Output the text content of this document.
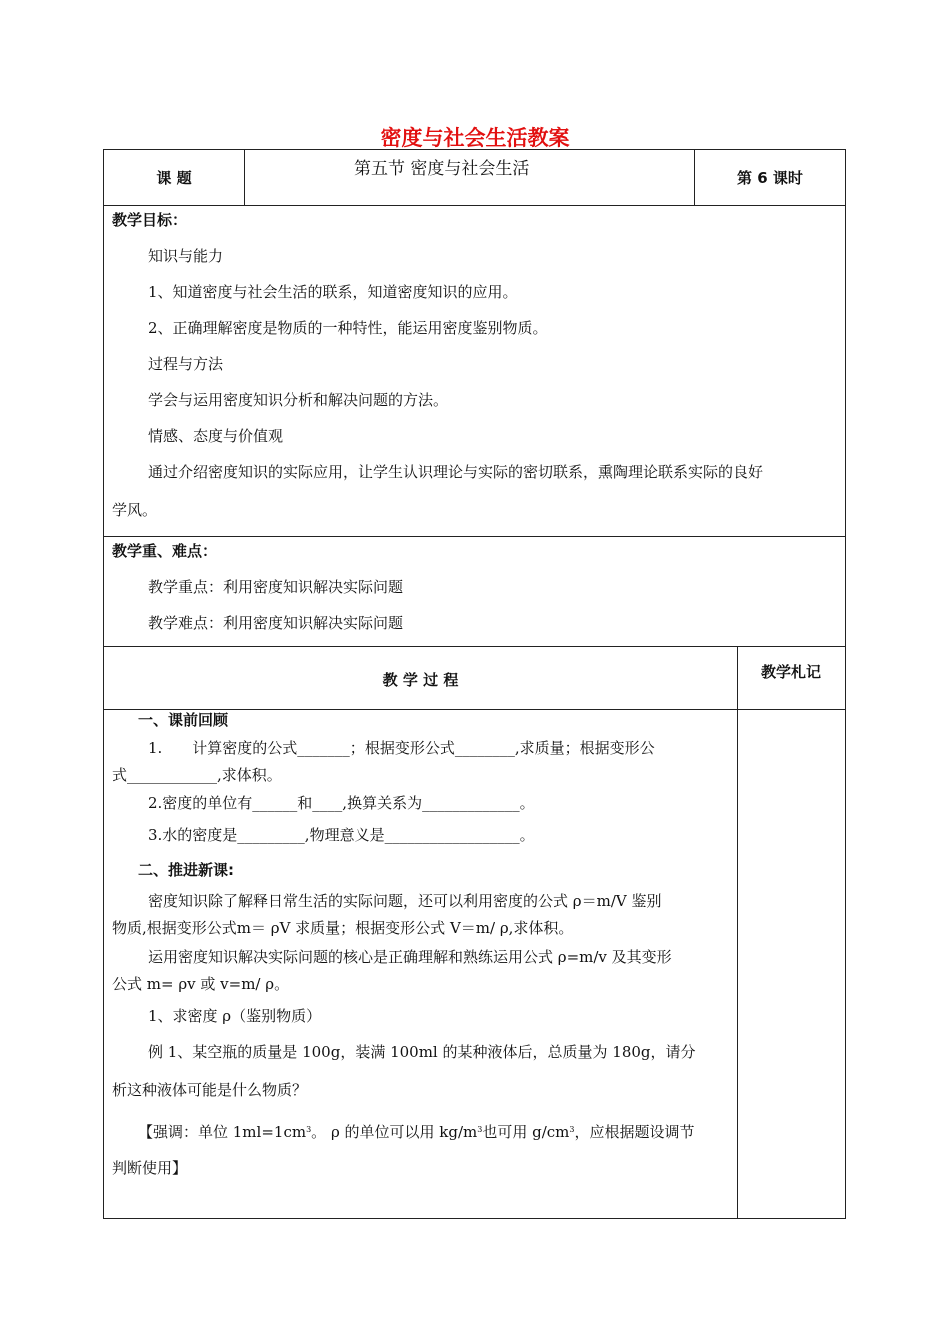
密度与社会生活教案
课 题	第五节 密度与社会生活	第 6 课时
教学目标：
知识与能力
1、知道密度与社会生活的联系，知道密度知识的应用。
2、正确理解密度是物质的一种特性，能运用密度鉴别物质。
过程与方法
学会与运用密度知识分析和解决问题的方法。
情感、态度与价值观
通过介绍密度知识的实际应用，让学生认识理论与实际的密切联系，熏陶理论联系实际的良好
学风。
教学重、难点：
教学重点：利用密度知识解决实际问题
教学难点：利用密度知识解决实际问题
教 学 过 程	教学札记
一、课前回顾
1.　　计算密度的公式_______；根据变形公式________,求质量；根据变形公
式____________,求体积。
2.密度的单位有______和____,换算关系为_____________。
3.水的密度是_________,物理意义是__________________。
二、推进新课:
密度知识除了解释日常生活的实际问题，还可以利用密度的公式 ρ＝m/V 鉴别
物质,根据变形公式m＝ ρV 求质量；根据变形公式 V＝m/ ρ,求体积。
运用密度知识解决实际问题的核心是正确理解和熟练运用公式 ρ=m/v 及其变形
公式 m= ρv 或 v=m/ ρ。
1、求密度 ρ（鉴别物质）
例 1、某空瓶的质量是 100g，装满 100ml 的某种液体后，总质量为 180g，请分
析这种液体可能是什么物质？
【强调：单位 $1ml=1cm^3$。 ρ 的单位可以用 $kg/m^3$也可用 $g/cm^3$，应根据题设调节
判断使用】
